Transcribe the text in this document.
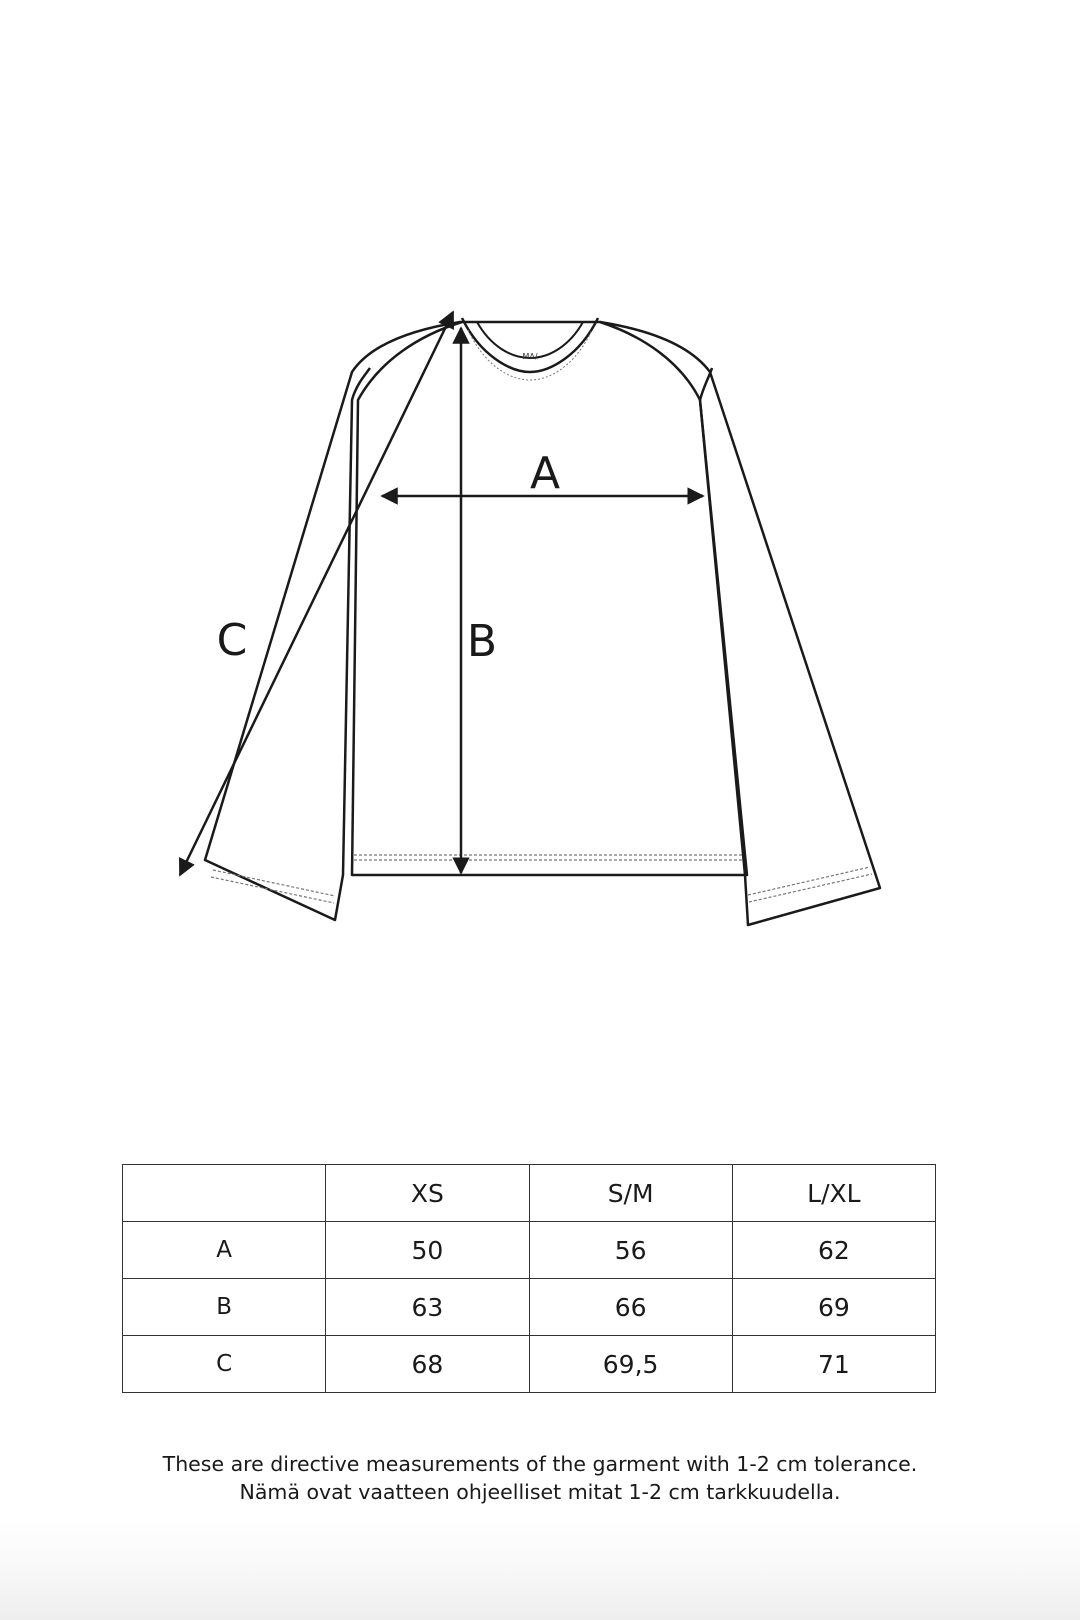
MA/
A
B
C
	XS	S/M	L/XL
A	50	56	62
B	63	66	69
C	68	69,5	71

These are directive measurements of the garment with 1-2 cm tolerance.

Nämä ovat vaatteen ohjeelliset mitat 1-2 cm tarkkuudella.
